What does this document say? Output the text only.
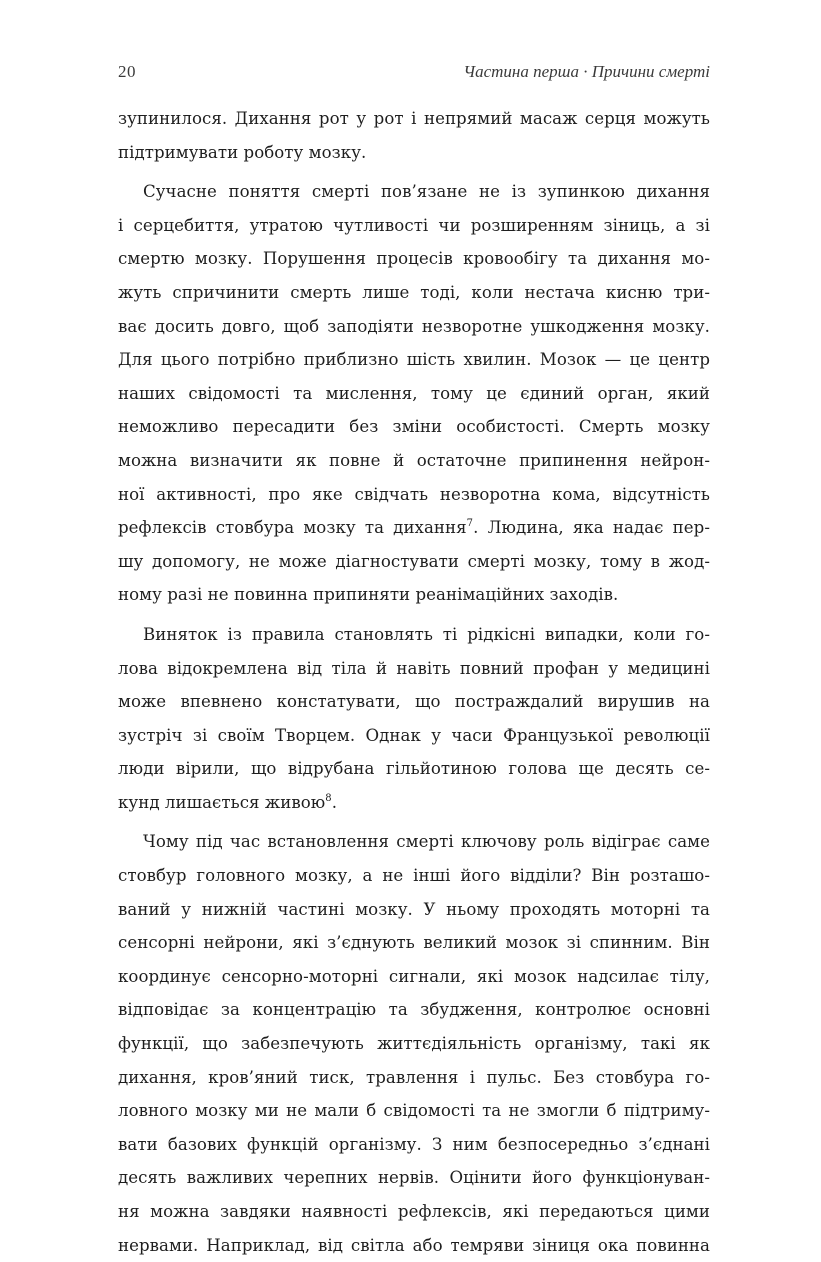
20	Частина перша · Причини смерті
зупинилося. Дихання рот у рот і непрямий масаж серця можуть
підтримувати роботу мозку.
Сучасне поняття смерті пов’язане не із зупинкою дихання
і серцебиття, утратою чутливості чи розширенням зіниць, а зі
смертю мозку. Порушення процесів кровообігу та дихання мо-
жуть спричинити смерть лише тоді, коли нестача кисню три-
ває досить довго, щоб заподіяти незворотне ушкодження мозку.
Для цього потрібно приблизно шість хвилин. Мозок — це центр
наших свідомості та мислення, тому це єдиний орган, який
неможливо пересадити без зміни особистості. Смерть мозку
можна визначити як повне й остаточне припинення нейрон-
ної активності, про яке свідчать незворотна кома, відсутність
рефлексів стовбура мозку та дихання$^7$. Людина, яка надає пер-
шу допомогу, не може діагностувати смерті мозку, тому в жод-
ному разі не повинна припиняти реанімаційних заходів.
Виняток із правила становлять ті рідкісні випадки, коли го-
лова відокремлена від тіла й навіть повний профан у медицині
може впевнено констатувати, що постраждалий вирушив на
зустріч зі своїм Творцем. Однак у часи Французької революції
люди вірили, що відрубана гільйотиною голова ще десять се-
кунд лишається живою$^8$.
Чому під час встановлення смерті ключову роль відіграє саме
стовбур головного мозку, а не інші його відділи? Він розташо-
ваний у нижній частині мозку. У ньому проходять моторні та
сенсорні нейрони, які з’єднують великий мозок зі спинним. Він
координує сенсорно-моторні сигнали, які мозок надсилає тілу,
відповідає за концентрацію та збудження, контролює основні
функції, що забезпечують життєдіяльність організму, такі як
дихання, кров’яний тиск, травлення і пульс. Без стовбура го-
ловного мозку ми не мали б свідомості та не змогли б підтриму-
вати базових функцій організму. З ним безпосередньо з’єднані
десять важливих черепних нервів. Оцінити його функціонуван-
ня можна завдяки наявності рефлексів, які передаються цими
нервами. Наприклад, від світла або темряви зіниця ока повинна
